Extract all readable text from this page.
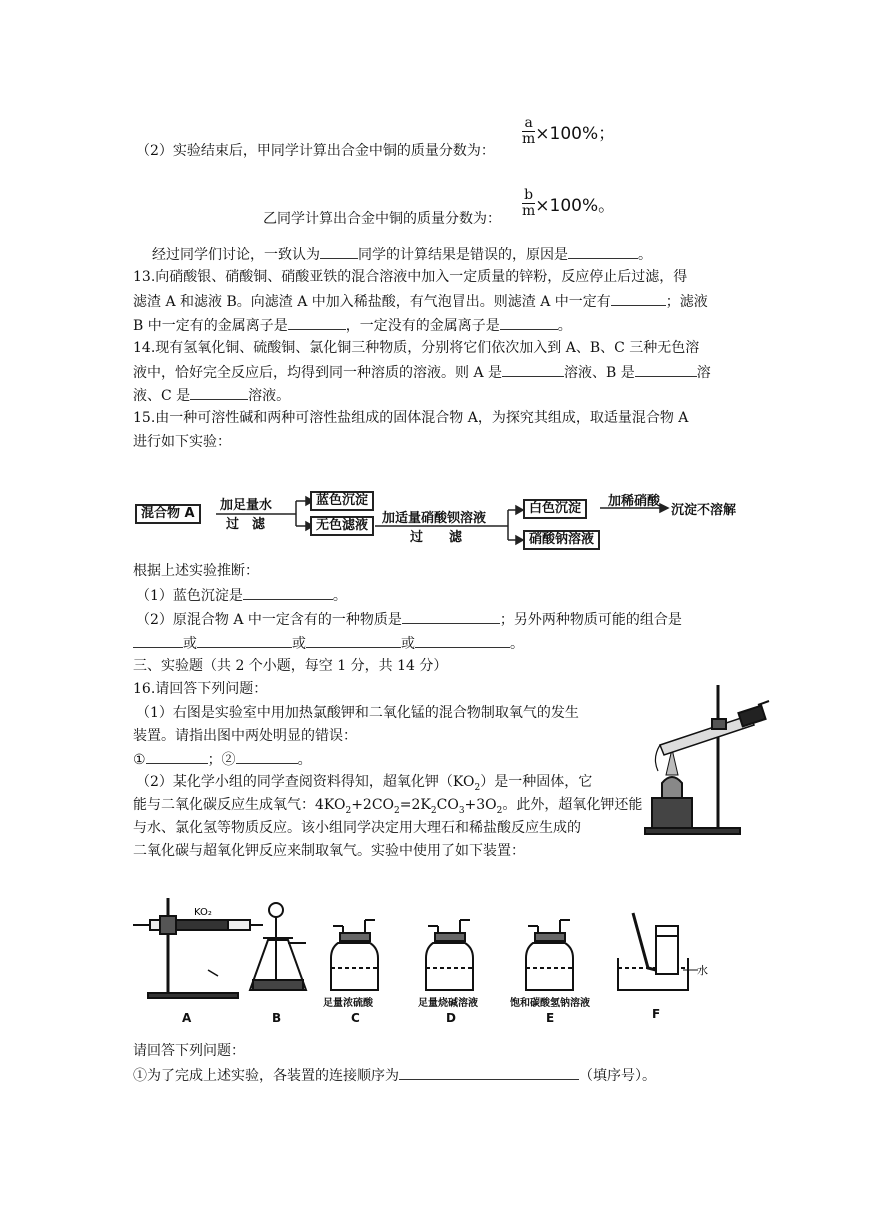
（2）实验结束后，甲同学计算出合金中铜的质量分数为：
$\frac{a}{m} \times 100\%$；
乙同学计算出合金中铜的质量分数为： $\frac{b}{m} \times 100\%$。
经过同学们讨论，一致认为	同学的计算结果是错误的，原因是	。
13.向硝酸银、硝酸铜、硝酸亚铁的混合溶液中加入一定质量的锌粉，反应停止后过滤，得
滤渣 A 和滤液 B。向滤渣 A 中加入稀盐酸，有气泡冒出。则滤渣 A 中一定有	；滤液
B 中一定有的金属离子是	，一定没有的金属离子是	。
14.现有氢氧化铜、硫酸铜、氯化铜三种物质，分别将它们依次加入到 A、B、C 三种无色溶
液中，恰好完全反应后，均得到同一种溶质的溶液。则 A 是	溶液、B 是	溶
液、C 是	溶液。
15.由一种可溶性碱和两种可溶性盐组成的固体混合物 A，为探究其组成，取适量混合物 A
进行如下实验：
混合物 A
加足量水
过　滤
蓝色沉淀
无色滤液	加适量硝酸钡溶液
过　　滤
白色沉淀	加稀硝酸
沉淀不溶解
硝酸钠溶液
根据上述实验推断：
（1）蓝色沉淀是	。
（2）原混合物 A 中一定含有的一种物质是	；另外两种物质可能的组合是
或	或	或	。
三、实验题（共 2 个小题，每空 1 分，共 14 分）
16.请回答下列问题：
（1）右图是实验室中用加热氯酸钾和二氧化锰的混合物制取氧气的发生
装置。请指出图中两处明显的错误：
①	；②	。
（2）某化学小组的同学查阅资料得知，超氧化钾$(KO_2)$是一种固体，它
能与二氧化碳反应生成氧气：$4KO_2+2CO_2=2K_2CO_3+3O_2$。此外，超氧化钾还能
与水、氯化氢等物质反应。该小组同学决定用大理石和稀盐酸反应生成的
二氧化碳与超氧化钾反应来制取氧气。实验中使用了如下装置：
KO₂
水
足量浓硫酸	足量烧碱溶液	饱和碳酸氢钠溶液
A	B	C	D	E	F
请回答下列问题：
①为了完成上述实验，各装置的连接顺序为	（填序号）。
